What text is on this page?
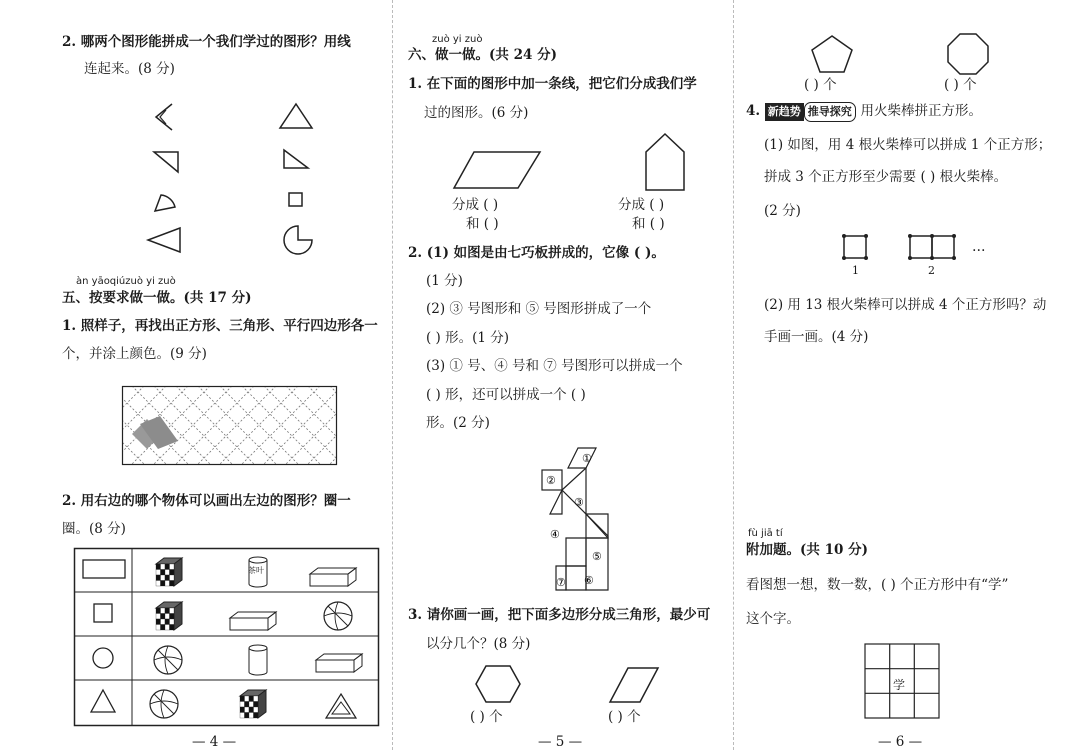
2. 哪两个图形能拼成一个我们学过的图形？用线
连起来。(8 分)
àn yāoqiúzuò yi zuò
五、按要求做一做。(共 17 分)
1. 照样子，再找出正方形、三角形、平行四边形各一
个，并涂上颜色。(9 分)
2. 用右边的哪个物体可以画出左边的图形？圈一
圈。(8 分)
茶叶
— 4 —
zuò yi zuò
六、做一做。(共 24 分)
1. 在下面的图形中加一条线，把它们分成我们学
过的图形。(6 分)
分成 ( )
和 ( )
分成 ( )
和 ( )
2. (1) 如图是由七巧板拼成的，它像 ( )。
(1 分)
(2) ③ 号图形和 ⑤ 号图形拼成了一个
( ) 形。(1 分)
(3) ① 号、④ 号和 ⑦ 号图形可以拼成一个
( ) 形，还可以拼成一个 ( )
形。(2 分)
①
②
③
④
⑤
⑥
⑦
3. 请你画一画，把下面多边形分成三角形，最少可
以分几个？(8 分)
( ) 个	( ) 个
— 5 —
( ) 个	( ) 个
4. 新趋势 推导探究 用火柴棒拼正方形。
(1) 如图，用 4 根火柴棒可以拼成 1 个正方形；
拼成 3 个正方形至少需要 ( ) 根火柴棒。
(2 分)
1	2
…
(2) 用 13 根火柴棒可以拼成 4 个正方形吗？动
手画一画。(4 分)
fù jiā tí
附加题。(共 10 分)
看图想一想，数一数，( ) 个正方形中有“学”
这个字。
学
— 6 —
